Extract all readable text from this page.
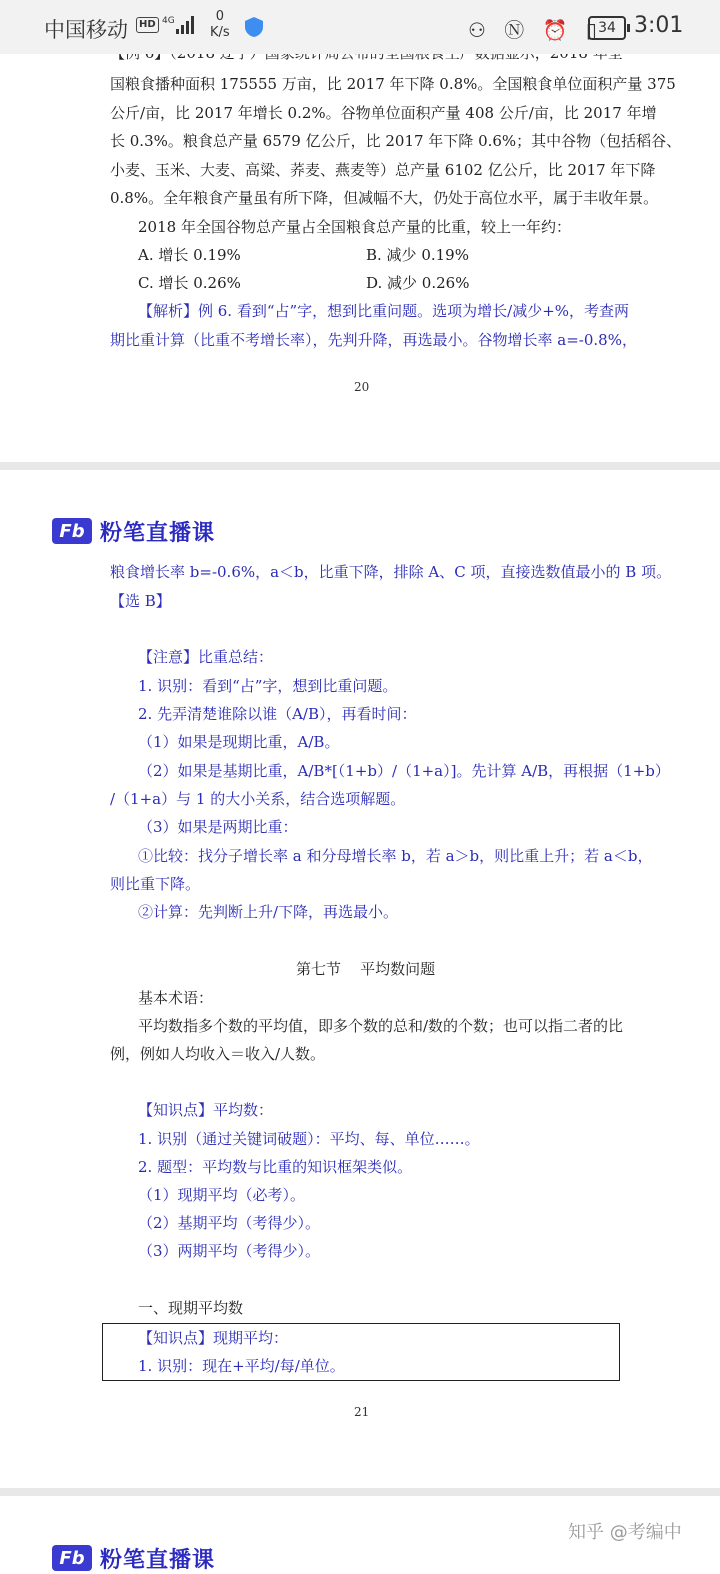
中国移动	HD 4G	0
K/s	⚇ Ⓝ ⏰ ▯
34 3:01
国粮食播种面积 175555 万亩，比 2017 年下降 0.8%。全国粮食单位面积产量 375
公斤/亩，比 2017 年增长 0.2%。谷物单位面积产量 408 公斤/亩，比 2017 年增
长 0.3%。粮食总产量 6579 亿公斤，比 2017 年下降 0.6%；其中谷物（包括稻谷、
小麦、玉米、大麦、高粱、荞麦、燕麦等）总产量 6102 亿公斤，比 2017 年下降
0.8%。全年粮食产量虽有所下降，但减幅不大，仍处于高位水平，属于丰收年景。
2018 年全国谷物总产量占全国粮食总产量的比重，较上一年约：
A. 增长 0.19%	B. 减少 0.19%
C. 增长 0.26%	D. 减少 0.26%
【解析】例 6. 看到“占”字，想到比重问题。选项为增长/减少+%，考查两
期比重计算（比重不考增长率），先判升降，再选最小。谷物增长率 a=-0.8%，
20
Fb 粉笔直播课
粮食增长率 b=-0.6%，a＜b，比重下降，排除 A、C 项，直接选数值最小的 B 项。
【选 B】
【注意】比重总结：
1. 识别：看到“占”字，想到比重问题。
2. 先弄清楚谁除以谁（A/B），再看时间：
（1）如果是现期比重，A/B。
（2）如果是基期比重，A/B*[（1+b）/（1+a）]。先计算 A/B，再根据（1+b）
/（1+a）与 1 的大小关系，结合选项解题。
（3）如果是两期比重：
①比较：找分子增长率 a 和分母增长率 b，若 a＞b，则比重上升；若 a＜b，
则比重下降。
②计算：先判断上升/下降，再选最小。
第七节    平均数问题
基本术语：
平均数指多个数的平均值，即多个数的总和/数的个数；也可以指二者的比
例，例如人均收入＝收入/人数。
【知识点】平均数：
1. 识别（通过关键词破题）：平均、每、单位……。
2. 题型：平均数与比重的知识框架类似。
（1）现期平均（必考）。
（2）基期平均（考得少）。
（3）两期平均（考得少）。
一、现期平均数
【知识点】现期平均：
1. 识别：现在+平均/每/单位。
21
Fb 粉笔直播课
知乎 @考编中
